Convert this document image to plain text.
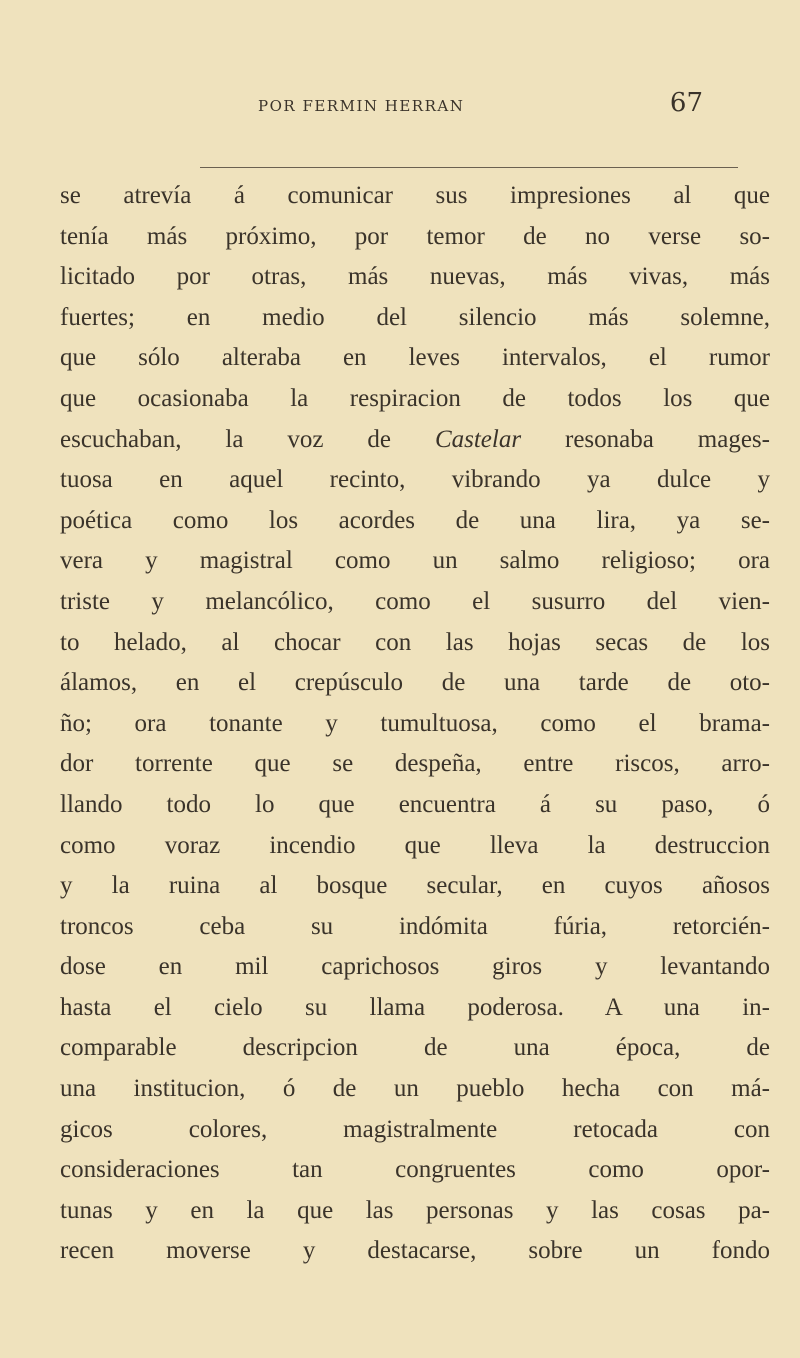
POR FERMIN HERRAN	67
se atrevía á comunicar sus impresiones al que
tenía más próximo, por temor de no verse so-
licitado por otras, más nuevas, más vivas, más
fuertes; en medio del silencio más solemne,
que sólo alteraba en leves intervalos, el rumor
que ocasionaba la respiracion de todos los que
escuchaban, la voz de Castelar resonaba mages-
tuosa en aquel recinto, vibrando ya dulce y
poética como los acordes de una lira, ya se-
vera y magistral como un salmo religioso; ora
triste y melancólico, como el susurro del vien-
to helado, al chocar con las hojas secas de los
álamos, en el crepúsculo de una tarde de oto-
ño; ora tonante y tumultuosa, como el brama-
dor torrente que se despeña, entre riscos, arro-
llando todo lo que encuentra á su paso, ó
como voraz incendio que lleva la destruccion
y la ruina al bosque secular, en cuyos añosos
troncos ceba su indómita fúria, retorcién-
dose en mil caprichosos giros y levantando
hasta el cielo su llama poderosa. A una in-
comparable descripcion de una época, de
una institucion, ó de un pueblo hecha con má-
gicos colores, magistralmente retocada con
consideraciones tan congruentes como opor-
tunas y en la que las personas y las cosas pa-
recen moverse y destacarse, sobre un fondo
